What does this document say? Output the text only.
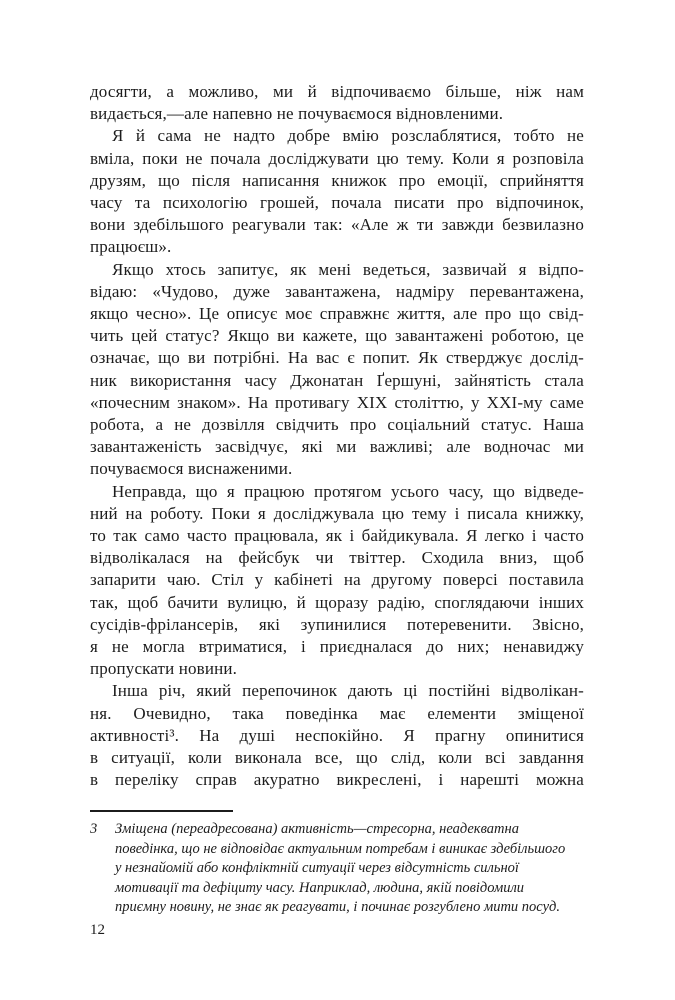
досягти, а можливо, ми й відпочиваємо більше, ніж нам
видається,—але напевно не почуваємося відновленими.
Я й сама не надто добре вмію розслаблятися, тобто не
вміла, поки не почала досліджувати цю тему. Коли я розповіла
друзям, що після написання книжок про емоції, сприйняття
часу та психологію грошей, почала писати про відпочинок,
вони здебільшого реагували так: «Але ж ти завжди безвилазно
працюєш».
Якщо хтось запитує, як мені ведеться, зазвичай я відпо-
відаю: «Чудово, дуже завантажена, надміру перевантажена,
якщо чесно». Це описує моє справжнє життя, але про що свід-
чить цей статус? Якщо ви кажете, що завантажені роботою, це
означає, що ви потрібні. На вас є попит. Як стверджує дослід-
ник використання часу Джонатан Ґершуні, зайнятість стала
«почесним знаком». На противагу XIX століттю, у XXI-му саме
робота, а не дозвілля свідчить про соціальний статус. Наша
завантаженість засвідчує, які ми важливі; але водночас ми
почуваємося виснаженими.
Неправда, що я працюю протягом усього часу, що відведе-
ний на роботу. Поки я досліджувала цю тему і писала книжку,
то так само часто працювала, як і байдикувала. Я легко і часто
відволікалася на фейсбук чи твіттер. Сходила вниз, щоб
запарити чаю. Стіл у кабінеті на другому поверсі поставила
так, щоб бачити вулицю, й щоразу радію, споглядаючи інших
сусідів-фрілансерів, які зупинилися потеревенити. Звісно,
я не могла втриматися, і приєдналася до них; ненавиджу
пропускати новини.
Інша річ, який перепочинок дають ці постійні відволікан-
ня. Очевидно, така поведінка має елементи зміщеної
активності³. На душі неспокійно. Я прагну опинитися
в ситуації, коли виконала все, що слід, коли всі завдання
в переліку справ акуратно викреслені, і нарешті можна
3	Зміщена (переадресована) активність—стресорна, неадекватна
поведінка, що не відповідає актуальним потребам і виникає здебільшого
у незнайомій або конфліктній ситуації через відсутність сильної
мотивації та дефіциту часу. Наприклад, людина, якій повідомили
приємну новину, не знає як реагувати, і починає розгублено мити посуд.
12
